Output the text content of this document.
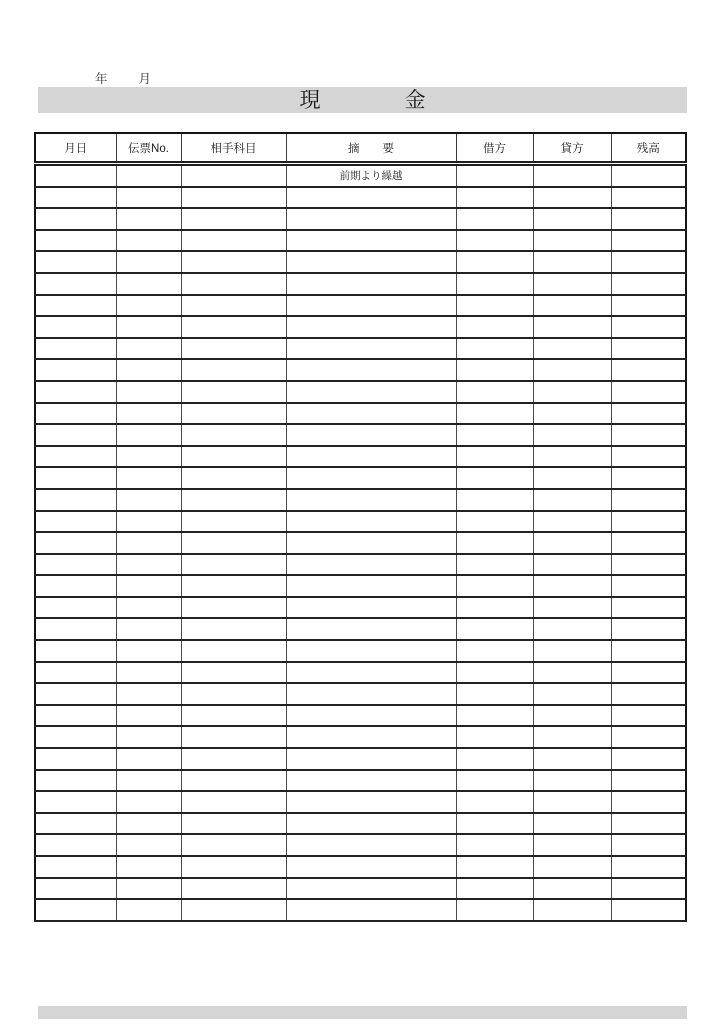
年 月
現　　　　金
月日	伝票No.	相手科目	摘　　要	借方	貸方	残高
			前期より繰越			
